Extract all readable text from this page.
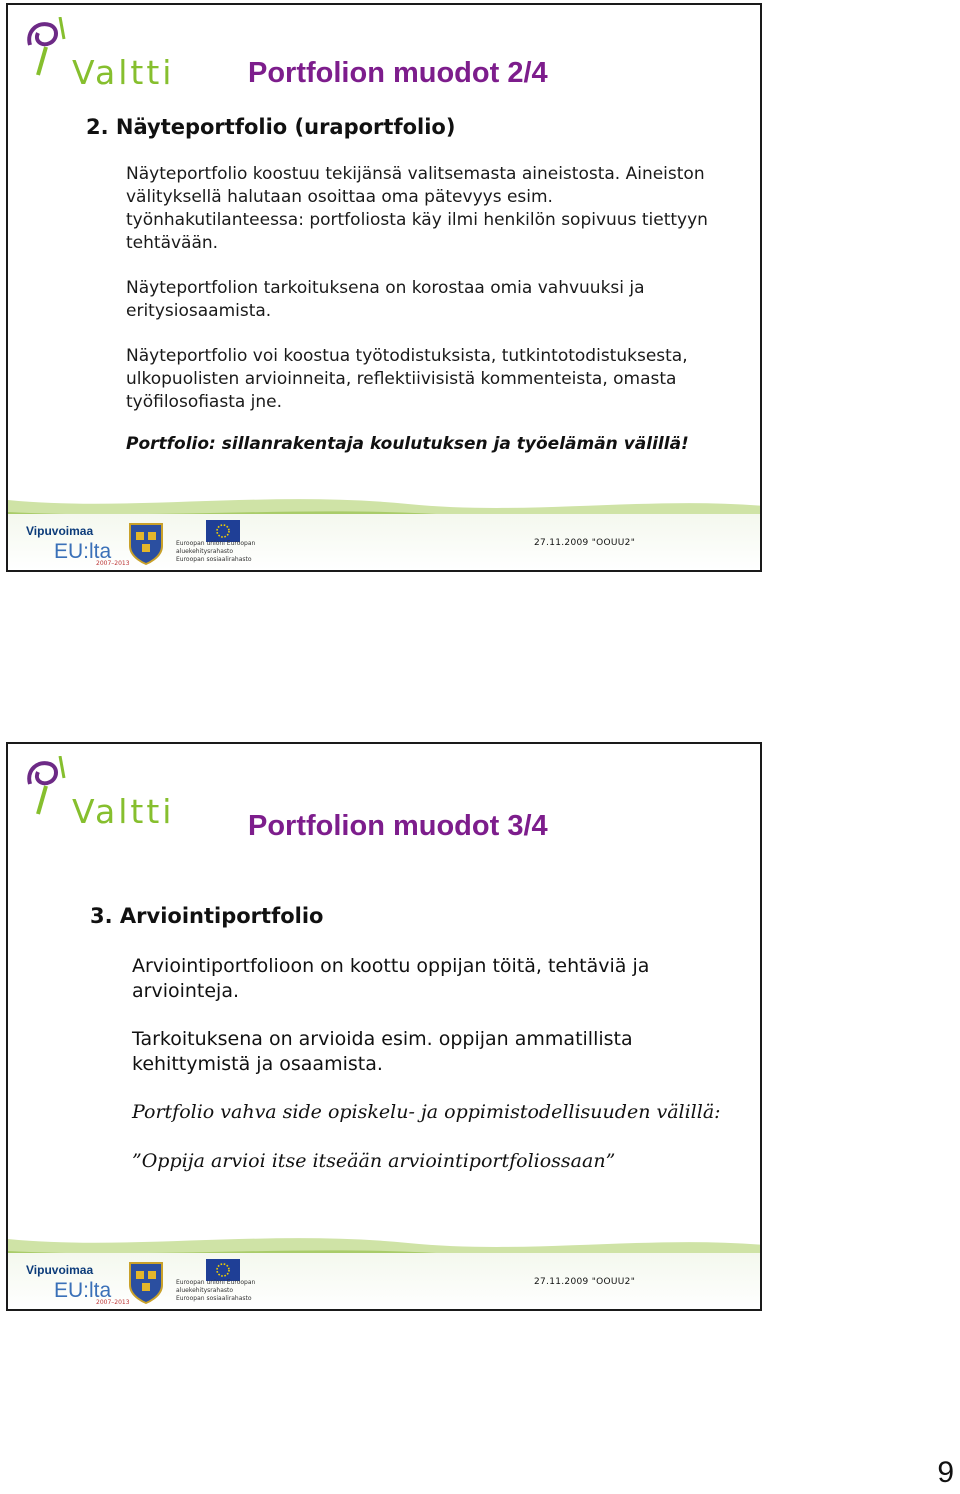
Valtti	Portfolion muodot 2/4
2. Näyteportfolio (uraportfolio)

Näyteportfolio koostuu tekijänsä valitsemasta aineistosta. Aineiston välityksellä halutaan osoittaa oma pätevyys esim. työnhakutilanteessa: portfoliosta käy ilmi henkilön sopivuus tiettyyn tehtävään.

Näyteportfolion tarkoituksena on korostaa omia vahvuuksi ja eritysiosaamista.

Näyteportfolio voi koostua työtodistuksista, tutkintotodistuksesta, ulkopuolisten arvioinneita, reflektiivisistä kommenteista, omasta työfilosofiasta jne.

Portfolio: sillanrakentaja koulutuksen ja työelämän välillä!

Vipuvoimaa
EU:lta
2007–2013
Euroopan unioni Euroopan aluekehitysrahasto Euroopan sosiaalirahasto
27.11.2009 "OOUU2"
Valtti	Portfolion muodot 3/4
3. Arviointiportfolio

Arviointiportfolioon on koottu oppijan töitä, tehtäviä ja arviointeja.

Tarkoituksena on arvioida esim. oppijan ammatillista kehittymistä ja osaamista.

Portfolio vahva side opiskelu- ja oppimistodellisuuden välillä:

”Oppija arvioi itse itseään arviointiportfoliossaan”

Vipuvoimaa
EU:lta
2007–2013
Euroopan unioni Euroopan aluekehitysrahasto Euroopan sosiaalirahasto
27.11.2009 "OOUU2"
9
